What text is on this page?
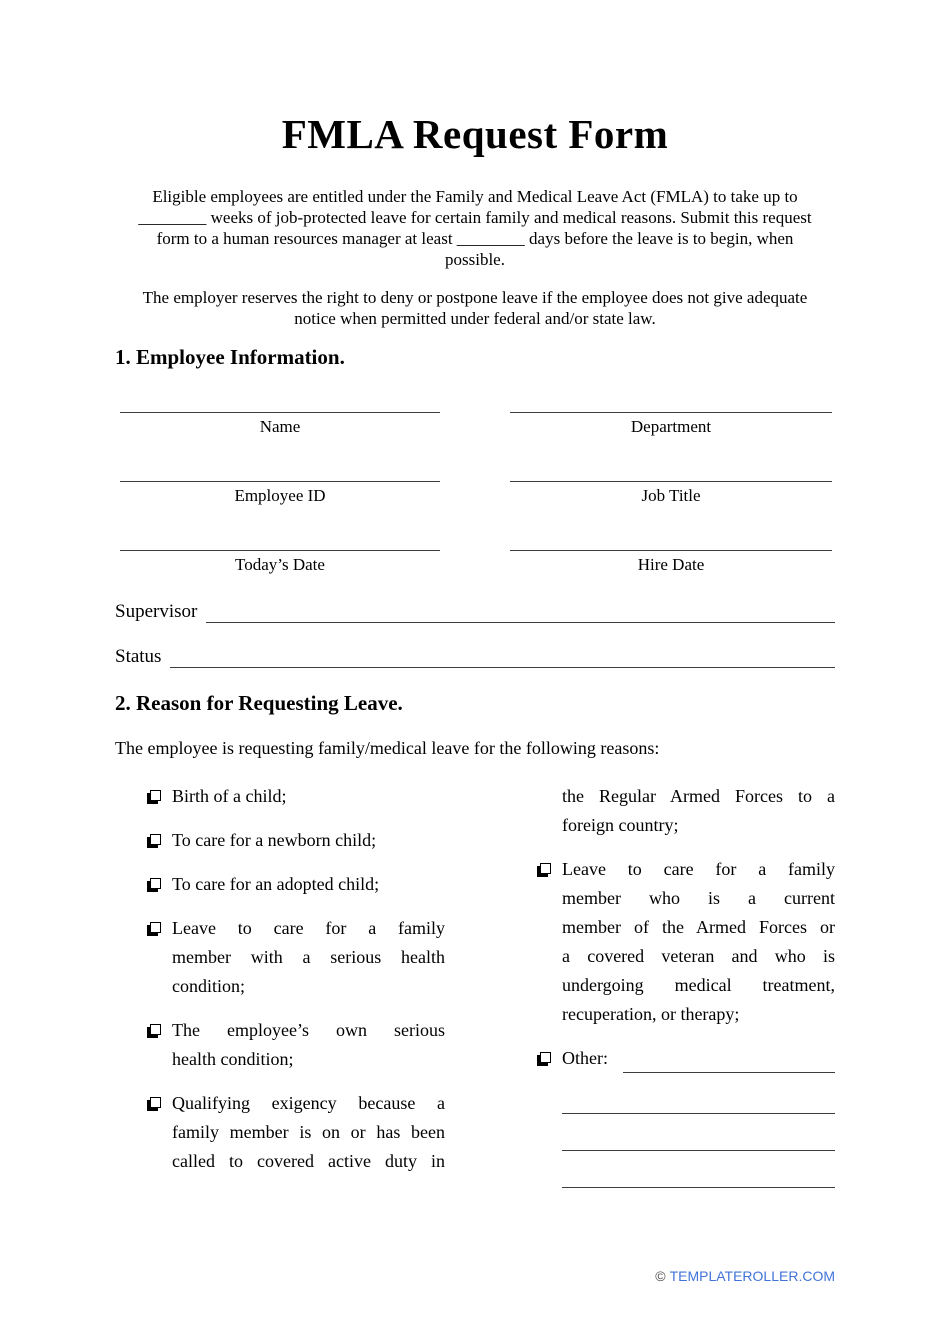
FMLA Request Form
Eligible employees are entitled under the Family and Medical Leave Act (FMLA) to take up to
________ weeks of job-protected leave for certain family and medical reasons. Submit this request
form to a human resources manager at least ________ days before the leave is to begin, when
possible.
The employer reserves the right to deny or postpone leave if the employee does not give adequate
notice when permitted under federal and/or state law.
1. Employee Information.
Name	Department
Employee ID	Job Title
Today’s Date	Hire Date
Supervisor
Status
2. Reason for Requesting Leave.
The employee is requesting family/medical leave for the following reasons:
Birth of a child;
To care for a newborn child;
To care for an adopted child;
Leave to care for a family
member with a serious health
condition;
The employee’s own serious
health condition;
Qualifying exigency because a
family member is on or has been
called to covered active duty in
the Regular Armed Forces to a
foreign country;
Leave to care for a family
member who is a current
member of the Armed Forces or
a covered veteran and who is
undergoing medical treatment,
recuperation, or therapy;
Other:
© TEMPLATEROLLER.COM
